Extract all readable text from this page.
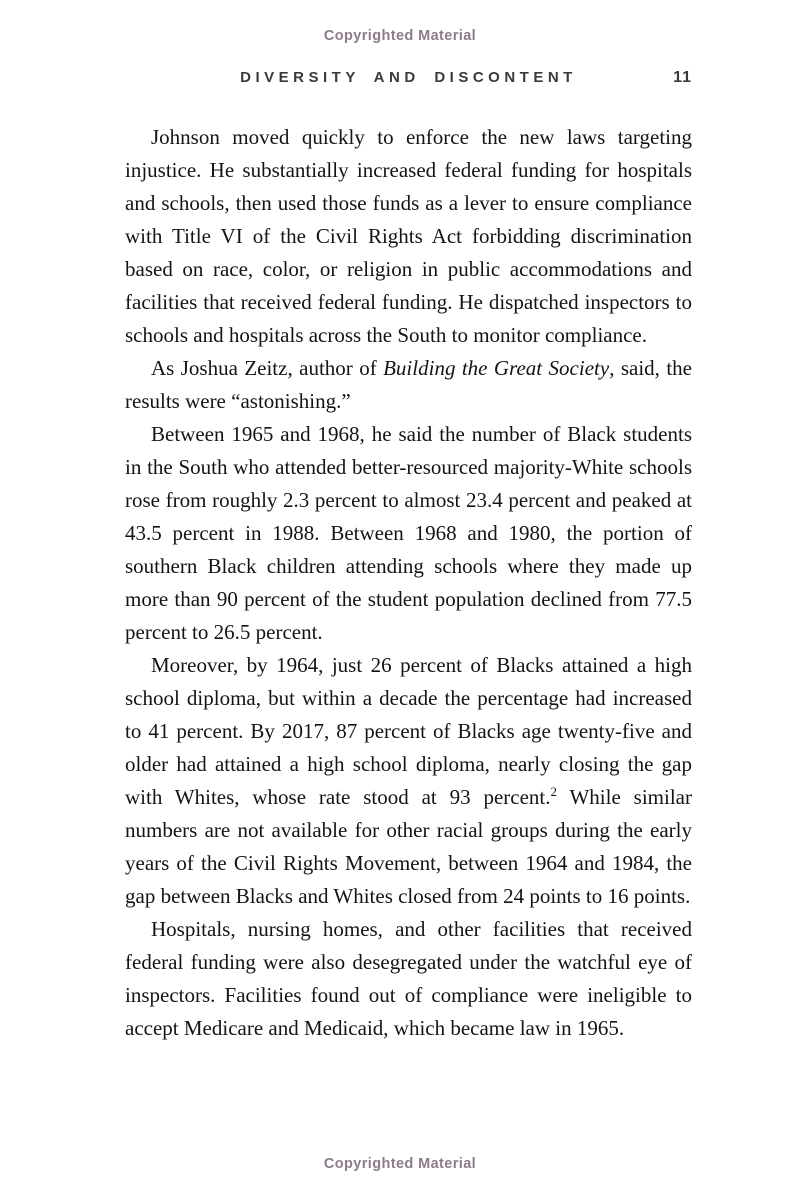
Copyrighted Material
DIVERSITY AND DISCONTENT	11

Johnson moved quickly to enforce the new laws targeting injustice. He substantially increased federal funding for hospitals and schools, then used those funds as a lever to ensure compliance with Title VI of the Civil Rights Act forbidding discrimination based on race, color, or religion in public accommodations and facilities that received federal funding. He dispatched inspectors to schools and hospitals across the South to monitor compliance.

As Joshua Zeitz, author of Building the Great Society, said, the results were “astonishing.”

Between 1965 and 1968, he said the number of Black students in the South who attended better-resourced majority-White schools rose from roughly 2.3 percent to almost 23.4 percent and peaked at 43.5 percent in 1988. Between 1968 and 1980, the portion of southern Black children attending schools where they made up more than 90 percent of the student population declined from 77.5 percent to 26.5 percent.

Moreover, by 1964, just 26 percent of Blacks attained a high school diploma, but within a decade the percentage had increased to 41 percent. By 2017, 87 percent of Blacks age twenty-five and older had attained a high school diploma, nearly closing the gap with Whites, whose rate stood at 93 percent.$^2$ While similar numbers are not available for other racial groups during the early years of the Civil Rights Movement, between 1964 and 1984, the gap between Blacks and Whites closed from 24 points to 16 points.

Hospitals, nursing homes, and other facilities that received federal funding were also desegregated under the watchful eye of inspectors. Facilities found out of compliance were ineligible to accept Medicare and Medicaid, which became law in 1965.

Copyrighted Material
